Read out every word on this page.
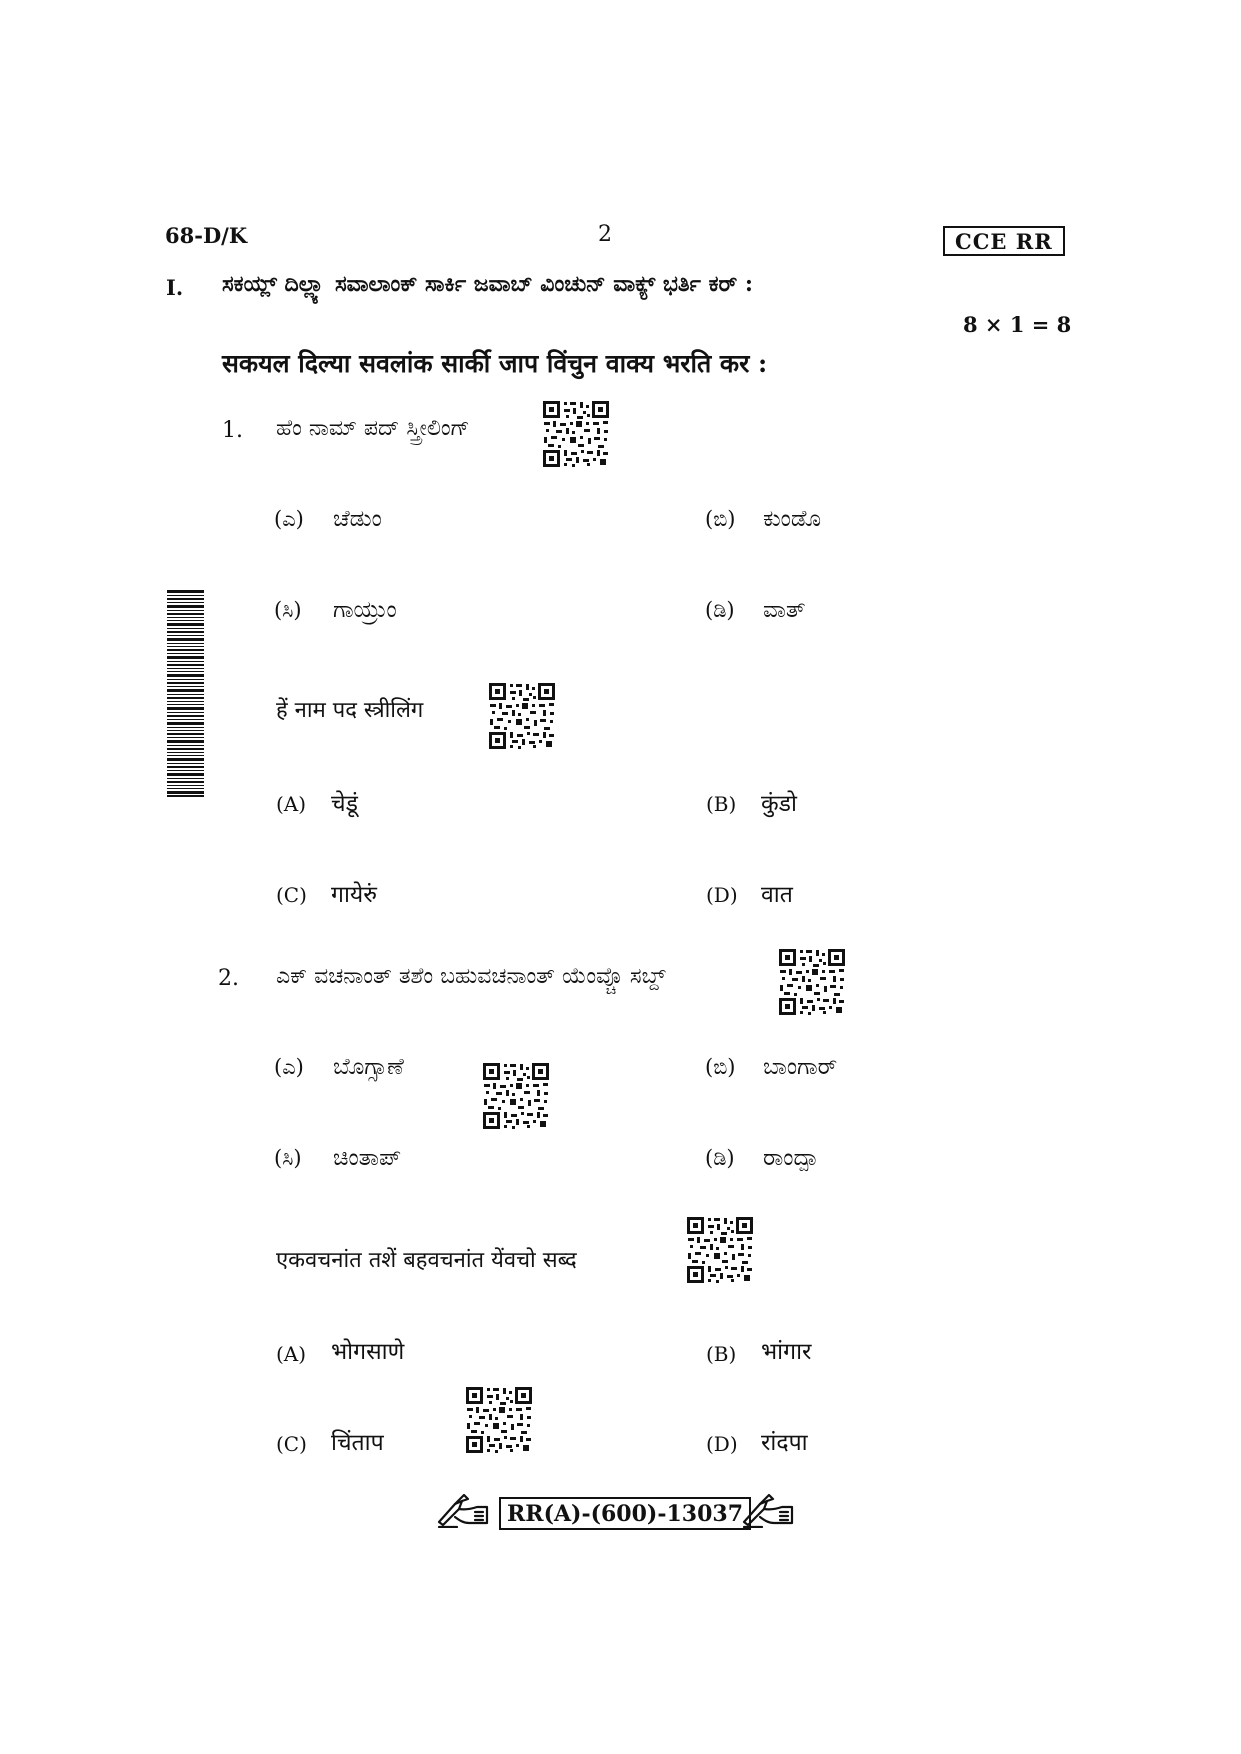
68-D/K	2	CCE RR
I. ಸಕಯ್ಲ್ ದಿಲ್ಲ್ಯಾ ಸವಾಲಾಂಕ್ ಸಾರ್ಕಿ ಜವಾಬ್ ವಿಂಚುನ್ ವಾಕ್ಯ್ ಭರ್ತಿ ಕರ್ :
8 × 1 = 8
सकयल दिल्या सवलांक सार्की जाप विंचुन वाक्य भरति कर :
1. ಹೆಂ ನಾಮ್ ಪದ್ ಸ್ತ್ರೀಲಿಂಗ್
(ಎ) ಚೆಡುಂ	(ಬಿ) ಕುಂಡೊ
(ಸಿ) ಗಾಯ್ರುಂ	(ಡಿ) ವಾತ್
हें नाम पद स्त्रीलिंग
(A) चेडूं	(B) कुंडो
(C) गायेरुं	(D) वात
2. ಎಕ್ ವಚನಾಂತ್ ತಶೆಂ ಬಹುವಚನಾಂತ್ ಯೆಂವ್ಚೊ ಸಬ್ದ್
(ಎ) ಬೊಗ್ಸಾಣೆ	(ಬಿ) ಬಾಂಗಾರ್
(ಸಿ) ಚಿಂತಾಪ್	(ಡಿ) ರಾಂದ್ಪಾ
एकवचनांत तशें बहवचनांत येंवचो सब्द
(A) भोगसाणे	(B) भांगार
(C) चिंताप	(D) रांदपा
RR(A)-(600)-13037
